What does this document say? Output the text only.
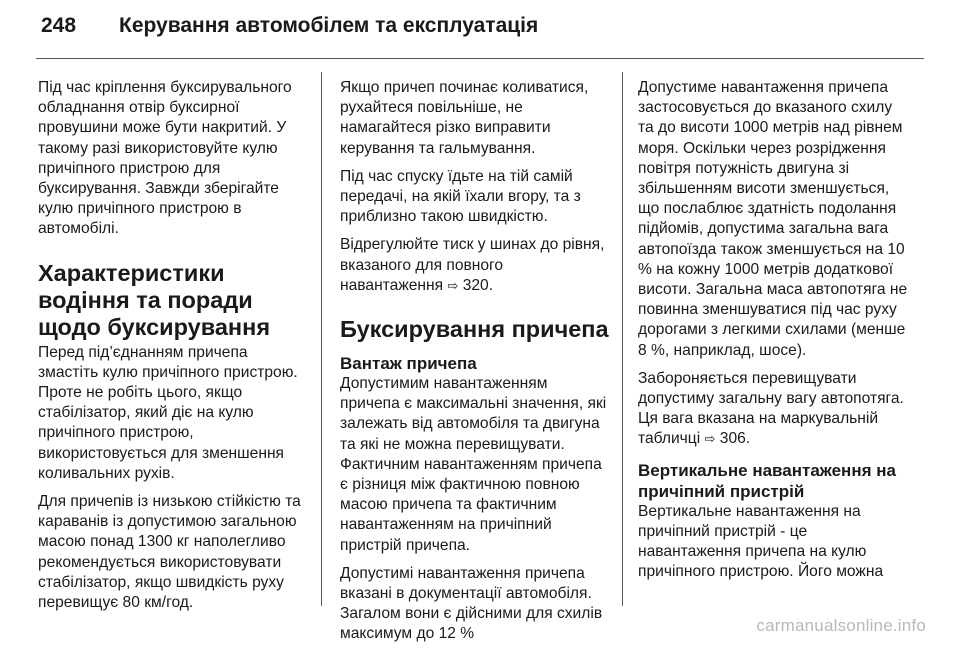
248	Керування автомобілем та експлуатація

Під час кріплення буксирувального обладнання отвір буксирної провушини може бути накритий. У такому разі використовуйте кулю причіпного пристрою для буксирування. Завжди зберігайте кулю причіпного пристрою в автомобілі.

Характеристики водіння та поради щодо буксирування

Перед під’єднанням причепа змастіть кулю причіпного пристрою. Проте не робіть цього, якщо стабілізатор, який діє на кулю причіпного пристрою, використовується для зменшення коливальних рухів.

Для причепів із низькою стійкістю та караванів із допустимою загальною масою понад 1300 кг наполегливо рекомендується використовувати стабілізатор, якщо швидкість руху перевищує 80 км/год.

Якщо причеп починає коливатися, рухайтеся повільніше, не намагайтеся різко виправити керування та гальмування.

Під час спуску їдьте на тій самій передачі, на якій їхали вгору, та з приблизно такою швидкістю.

Відрегулюйте тиск у шинах до рівня, вказаного для повного навантаження ⇨ 320.

Буксирування причепа
Вантаж причепа

Допустимим навантаженням причепа є максимальні значення, які залежать від автомобіля та двигуна та які не можна перевищувати. Фактичним навантаженням причепа є різниця між фактичною повною масою причепа та фактичним навантаженням на причіпний пристрій причепа.

Допустимі навантаження причепа вказані в документації автомобіля. Загалом вони є дійсними для схилів максимум до 12 %

Допустиме навантаження причепа застосовується до вказаного схилу та до висоти 1000 метрів над рівнем моря. Оскільки через розрідження повітря потужність двигуна зі збільшенням висоти зменшується, що послаблює здатність подолання підйомів, допустима загальна вага автопоїзда також зменшується на 10 % на кожну 1000 метрів додаткової висоти. Загальна маса автопотяга не повинна зменшуватися під час руху дорогами з легкими схилами (менше 8 %, наприклад, шосе).

Забороняється перевищувати допустиму загальну вагу автопотяга. Ця вага вказана на маркувальній табличці ⇨ 306.

Вертикальне навантаження на причіпний пристрій

Вертикальне навантаження на причіпний пристрій - це навантаження причепа на кулю причіпного пристрою. Його можна

carmanualsonline.info
